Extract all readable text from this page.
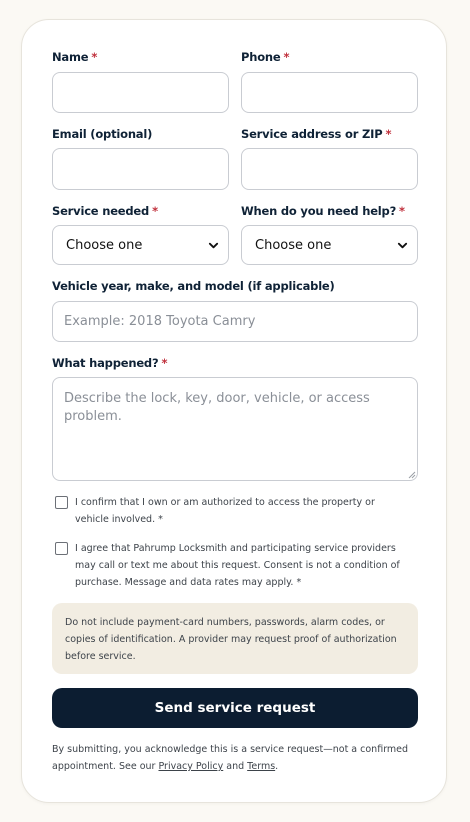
Name *	Phone *
Email (optional)	Service address or ZIP *
Service needed *
Choose one
When do you need help? *
Choose one
Vehicle year, make, and model (if applicable)
Example: 2018 Toyota Camry
What happened? *
Describe the lock, key, door, vehicle, or access problem.
I confirm that I own or am authorized to access the property or vehicle involved. *
I agree that Pahrump Locksmith and participating service providers may call or text me about this request. Consent is not a condition of purchase. Message and data rates may apply. *
Do not include payment-card numbers, passwords, alarm codes, or copies of identification. A provider may request proof of authorization before service.
Send service request
By submitting, you acknowledge this is a service request—not a confirmed appointment. See our Privacy Policy and Terms.
